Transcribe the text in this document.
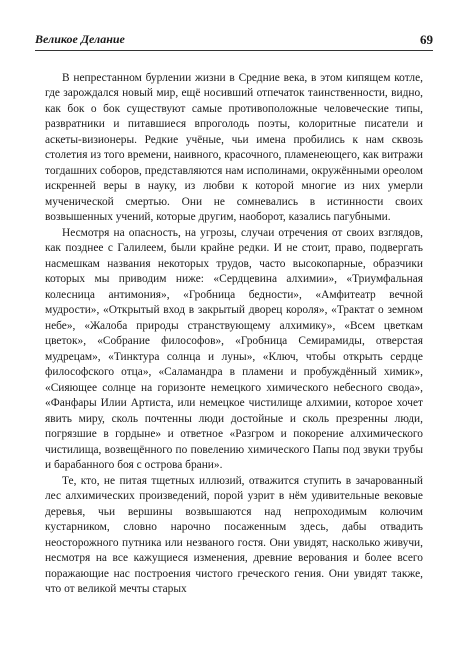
Великое Делание	69

В непрестанном бурлении жизни в Средние века, в этом кипящем котле, где зарождался новый мир, ещё носивший отпечаток таинственности, видно, как бок о бок существуют самые противоположные человеческие типы, развратники и питавшиеся впроголодь поэты, колоритные писатели и аскеты-визионеры. Редкие учёные, чьи имена пробились к нам сквозь столетия из того времени, наивного, красочного, пламенеющего, как витражи тогдашних соборов, представляются нам исполинами, окружёнными ореолом искренней веры в науку, из любви к которой многие из них умерли мученической смертью. Они не сомневались в истинности своих возвышенных учений, которые другим, наоборот, казались пагубными.

Несмотря на опасность, на угрозы, случаи отречения от своих взглядов, как позднее с Галилеем, были крайне редки. И не стоит, право, подвергать насмешкам названия некоторых трудов, часто высокопарные, образчики которых мы приводим ниже: «Сердцевина алхимии», «Триумфальная колесница антимония», «Гробница бедности», «Амфитеатр вечной мудрости», «Открытый вход в закрытый дворец короля», «Трактат о земном небе», «Жалоба природы странствующему алхимику», «Всем цветкам цветок», «Собрание философов», «Гробница Семирамиды, отверстая мудрецам», «Тинктура солнца и луны», «Ключ, чтобы открыть сердце философского отца», «Саламандра в пламени и пробуждённый химик», «Сияющее солнце на горизонте немецкого химического небесного свода», «Фанфары Илии Артиста, или немецкое чистилище алхимии, которое хочет явить миру, сколь почтенны люди достойные и сколь презренны люди, погрязшие в гордыне» и ответное «Разгром и покорение алхимического чистилища, возвещённого по повелению химического Папы под звуки трубы и барабанного боя с острова брани».

Те, кто, не питая тщетных иллюзий, отважится ступить в зачарованный лес алхимических произведений, порой узрит в нём удивительные вековые деревья, чьи вершины возвышаются над непроходимым колючим кустарником, словно нарочно посаженным здесь, дабы отвадить неосторожного путника или незваного гостя. Они увидят, насколько живучи, несмотря на все кажущиеся изменения, древние верования и более всего поражающие нас построения чистого греческого гения. Они увидят также, что от великой мечты старых
